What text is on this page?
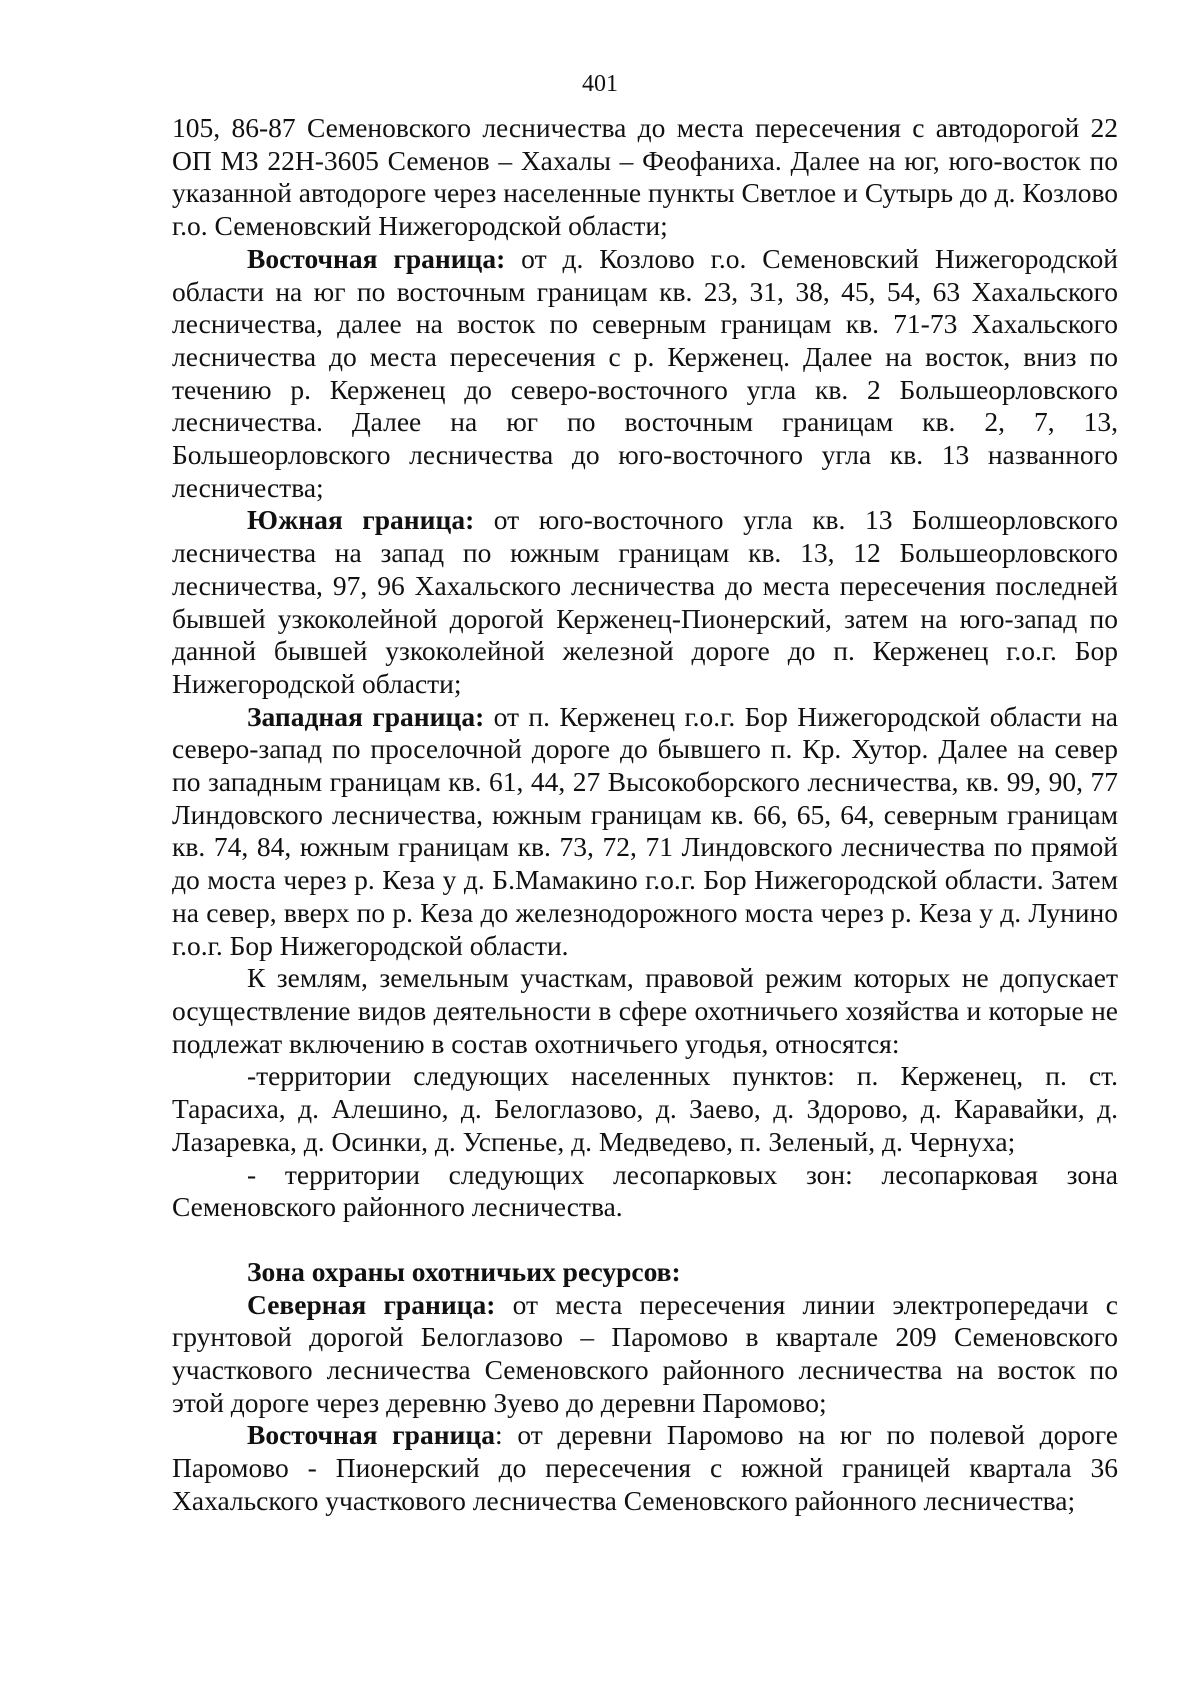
401

105, 86-87 Семеновского лесничества до места пересечения с автодорогой 22 ОП МЗ 22Н-3605 Семенов – Хахалы – Феофаниха. Далее на юг, юго-восток по указанной автодороге через населенные пункты Светлое и Сутырь до д. Козлово г.о. Семеновский Нижегородской области;

Восточная граница: от д. Козлово г.о. Семеновский Нижегородской области на юг по восточным границам кв. 23, 31, 38, 45, 54, 63 Хахальского лесничества, далее на восток по северным границам кв. 71-73 Хахальского лесничества до места пересечения с р. Керженец. Далее на восток, вниз по течению р. Керженец до северо-восточного угла кв. 2 Большеорловского лесничества. Далее на юг по восточным границам кв. 2, 7, 13, Большеорловского лесничества до юго-восточного угла кв. 13 названного лесничества;

Южная граница: от юго-восточного угла кв. 13 Болшеорловского лесничества на запад по южным границам кв. 13, 12 Большеорловского лесничества, 97, 96 Хахальского лесничества до места пересечения последней бывшей узкоколейной дорогой Керженец-Пионерский, затем на юго-запад по данной бывшей узкоколейной железной дороге до п. Керженец г.о.г. Бор Нижегородской области;

Западная граница: от п. Керженец г.о.г. Бор Нижегородской области на северо-запад по проселочной дороге до бывшего п. Кр. Хутор. Далее на север по западным границам кв. 61, 44, 27 Высокоборского лесничества, кв. 99, 90, 77 Линдовского лесничества, южным границам кв. 66, 65, 64, северным границам кв. 74, 84, южным границам кв. 73, 72, 71 Линдовского лесничества по прямой до моста через р. Кеза у д. Б.Мамакино г.о.г. Бор Нижегородской области. Затем на север, вверх по р. Кеза до железнодорожного моста через р. Кеза у д. Лунино г.о.г. Бор Нижегородской области.

К землям, земельным участкам, правовой режим которых не допускает осуществление видов деятельности в сфере охотничьего хозяйства и которые не подлежат включению в состав охотничьего угодья, относятся:

-территории следующих населенных пунктов: п. Керженец, п. ст. Тарасиха, д. Алешино, д. Белоглазово, д. Заево, д. Здорово, д. Каравайки, д. Лазаревка, д. Осинки, д. Успенье, д. Медведево, п. Зеленый, д. Чернуха;

- территории следующих лесопарковых зон: лесопарковая зона Семеновского районного лесничества.

Зона охраны охотничьих ресурсов:

Северная граница: от места пересечения линии электропередачи с грунтовой дорогой Белоглазово – Паромово в квартале 209 Семеновского участкового лесничества Семеновского районного лесничества на восток по этой дороге через деревню Зуево до деревни Паромово;

Восточная граница: от деревни Паромово на юг по полевой дороге Паромово - Пионерский до пересечения с южной границей квартала 36 Хахальского участкового лесничества Семеновского районного лесничества;
